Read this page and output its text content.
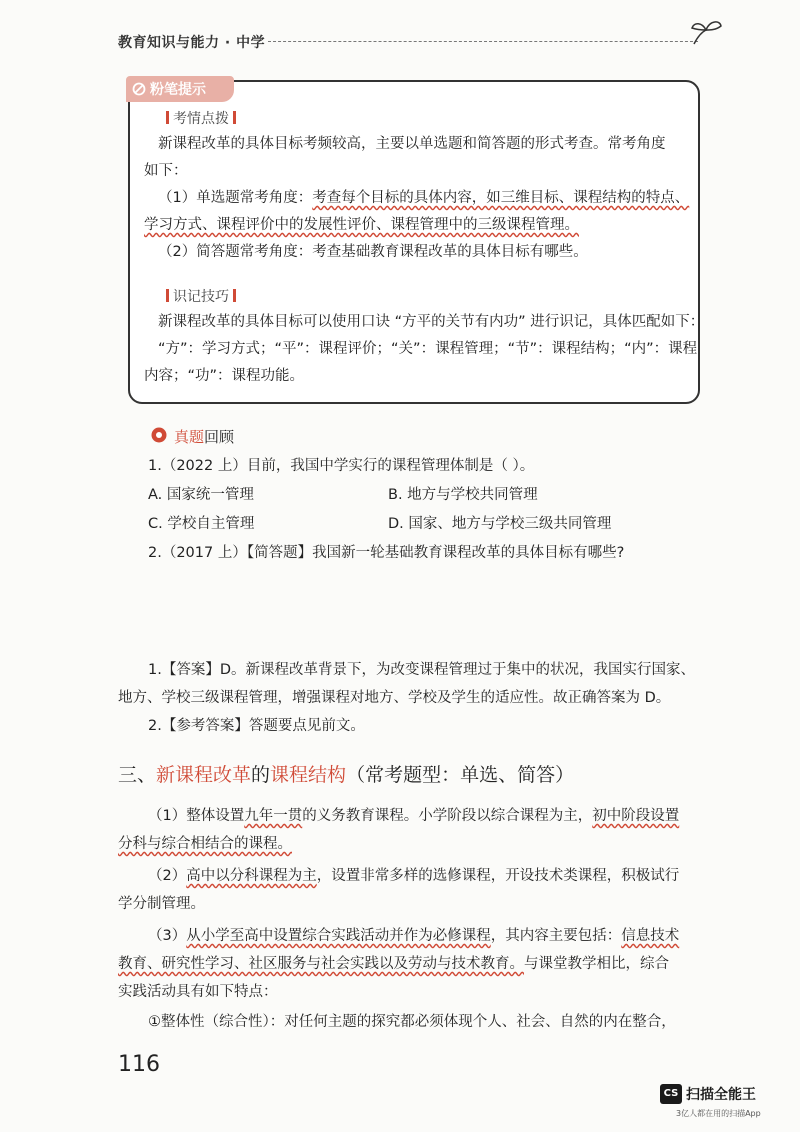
教育知识与能力 · 中学
粉笔提示
考情点拨
新课程改革的具体目标考频较高，主要以单选题和简答题的形式考查。常考角度
如下：
（1）单选题常考角度：考查每个目标的具体内容，如三维目标、课程结构的特点、
学习方式、课程评价中的发展性评价、课程管理中的三级课程管理。
（2）简答题常考角度：考查基础教育课程改革的具体目标有哪些。
识记技巧
新课程改革的具体目标可以使用口诀 “方平的关节有内功” 进行识记，具体匹配如下：
“方”：学习方式；“平”：课程评价；“关”：课程管理；“节”：课程结构；“内”：课程
内容；“功”：课程功能。
真题回顾
1.（2022 上）目前，我国中学实行的课程管理体制是（ ）。
A. 国家统一管理	B. 地方与学校共同管理
C. 学校自主管理	D. 国家、地方与学校三级共同管理
2.（2017 上）【简答题】我国新一轮基础教育课程改革的具体目标有哪些?
1.【答案】D。新课程改革背景下，为改变课程管理过于集中的状况，我国实行国家、
地方、学校三级课程管理，增强课程对地方、学校及学生的适应性。故正确答案为 D。
2.【参考答案】答题要点见前文。
三、新课程改革的课程结构（常考题型：单选、简答）
（1）整体设置九年一贯的义务教育课程。小学阶段以综合课程为主，初中阶段设置
分科与综合相结合的课程。
（2）高中以分科课程为主，设置非常多样的选修课程，开设技术类课程，积极试行
学分制管理。
（3）从小学至高中设置综合实践活动并作为必修课程，其内容主要包括：信息技术
教育、研究性学习、社区服务与社会实践以及劳动与技术教育。与课堂教学相比，综合
实践活动具有如下特点：
①整体性（综合性）：对任何主题的探究都必须体现个人、社会、自然的内在整合，
116
CS 扫描全能王
3亿人都在用的扫描App
